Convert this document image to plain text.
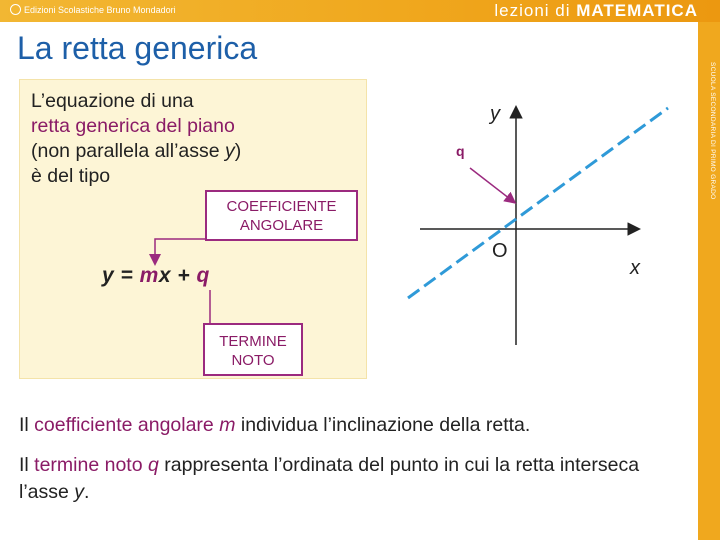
Edizioni Scolastiche Bruno Mondadori	lezioni di MATEMATICA
SCUOLA SECONDARIA DI PRIMO GRADO
La retta generica
L’equazione di una
retta generica del piano
(non parallela all’asse y)
è del tipo
COEFFICIENTE
ANGOLARE
y = mx + q
TERMINE
NOTO
y
x
O
q
Il coefficiente angolare m individua l’inclinazione della retta.
Il termine noto q rappresenta l’ordinata del punto in cui la retta interseca l’asse y.
